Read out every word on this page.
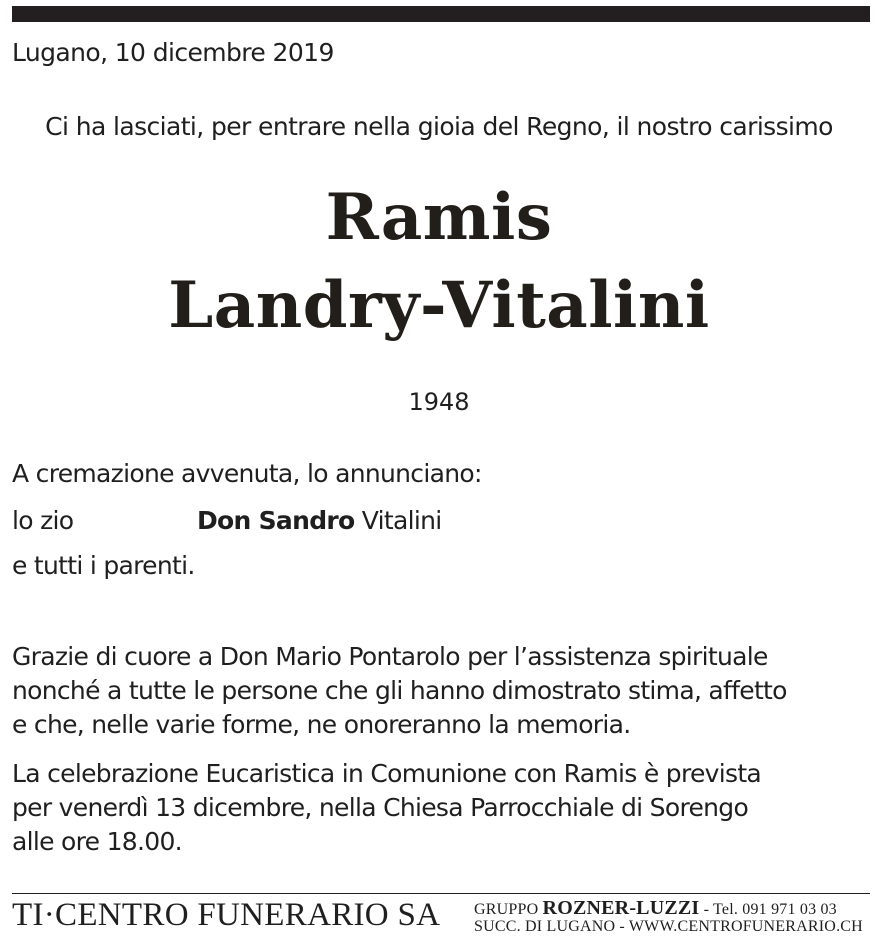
Lugano, 10 dicembre 2019
Ci ha lasciati, per entrare nella gioia del Regno, il nostro carissimo
Ramis
Landry-Vitalini
1948
A cremazione avvenuta, lo annunciano:
lo zio	Don Sandro Vitalini
e tutti i parenti.
Grazie di cuore a Don Mario Pontarolo per l’assistenza spirituale
nonché a tutte le persone che gli hanno dimostrato stima, affetto
e che, nelle varie forme, ne onoreranno la memoria.
La celebrazione Eucaristica in Comunione con Ramis è prevista
per venerdì 13 dicembre, nella Chiesa Parrocchiale di Sorengo
alle ore 18.00.
TI·CENTRO FUNERARIO SA GRUPPO ROZNER-LUZZI - Tel. 091 971 03 03
SUCC. DI LUGANO - WWW.CENTROFUNERARIO.CH
